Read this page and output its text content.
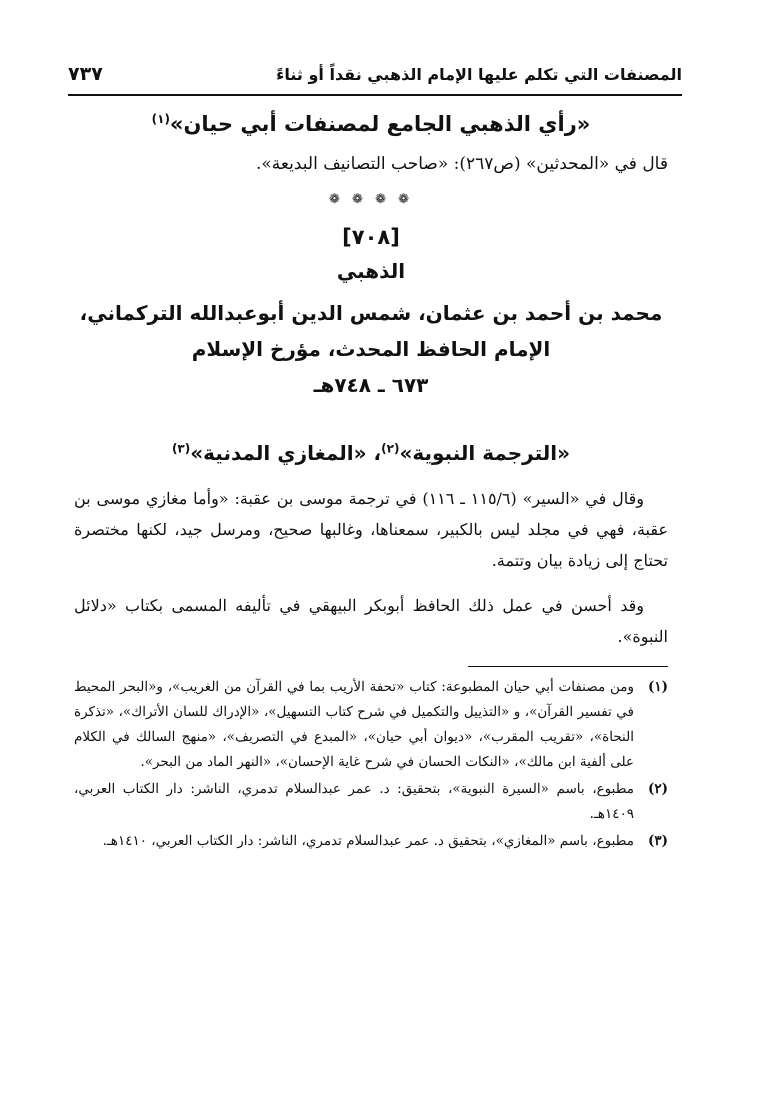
المصنفات التي تكلم عليها الإمام الذهبي نقداً أو ثناءً
٧٣٧
«رأي الذهبي الجامع لمصنفات أبي حيان»$^{(١)}$

قال في «المحدثين» (ص٢٦٧): «صاحب التصانيف البديعة».

❁ ❁ ❁ ❁
[٧٠٨]
الذهبي

محمد بن أحمد بن عثمان، شمس الدين أبوعبدالله التركماني،

الإمام الحافظ المحدث، مؤرخ الإسلام

٦٧٣ ـ ٧٤٨هـ
«الترجمة النبوية»$^{(٢)}$، «المغازي المدنية»$^{(٣)}$

وقال في «السير» (١١٥/٦ ـ ١١٦) في ترجمة موسى بن عقبة: «وأما مغازي موسى بن عقبة، فهي في مجلد ليس بالكبير، سمعناها، وغالبها صحيح، ومرسل جيد، لكنها مختصرة تحتاج إلى زيادة بيان وتتمة.

وقد أحسن في عمل ذلك الحافظ أبوبكر البيهقي في تأليفه المسمى بكتاب «دلائل النبوة».

(١)
ومن مصنفات أبي حيان المطبوعة: كتاب «تحفة الأريب بما في القرآن من الغريب»، و«البحر المحيط في تفسير القرآن»، و «التذييل والتكميل في شرح كتاب التسهيل»، «الإدراك للسان الأتراك»، «تذكرة النحاة»، «تقريب المقرب»، «ديوان أبي حيان»، «المبدع في التصريف»، «منهج السالك في الكلام على ألفية ابن مالك»، «النكات الحسان في شرح غاية الإحسان»، «النهر الماد من البحر».
(٢)
مطبوع، باسم «السيرة النبوية»، بتحقيق: د. عمر عبدالسلام تدمري، الناشر: دار الكتاب العربي، ١٤٠٩هـ.
(٣)
مطبوع، باسم «المغازي»، بتحقيق د. عمر عبدالسلام تدمري، الناشر: دار الكتاب العربي، ١٤١٠هـ.
